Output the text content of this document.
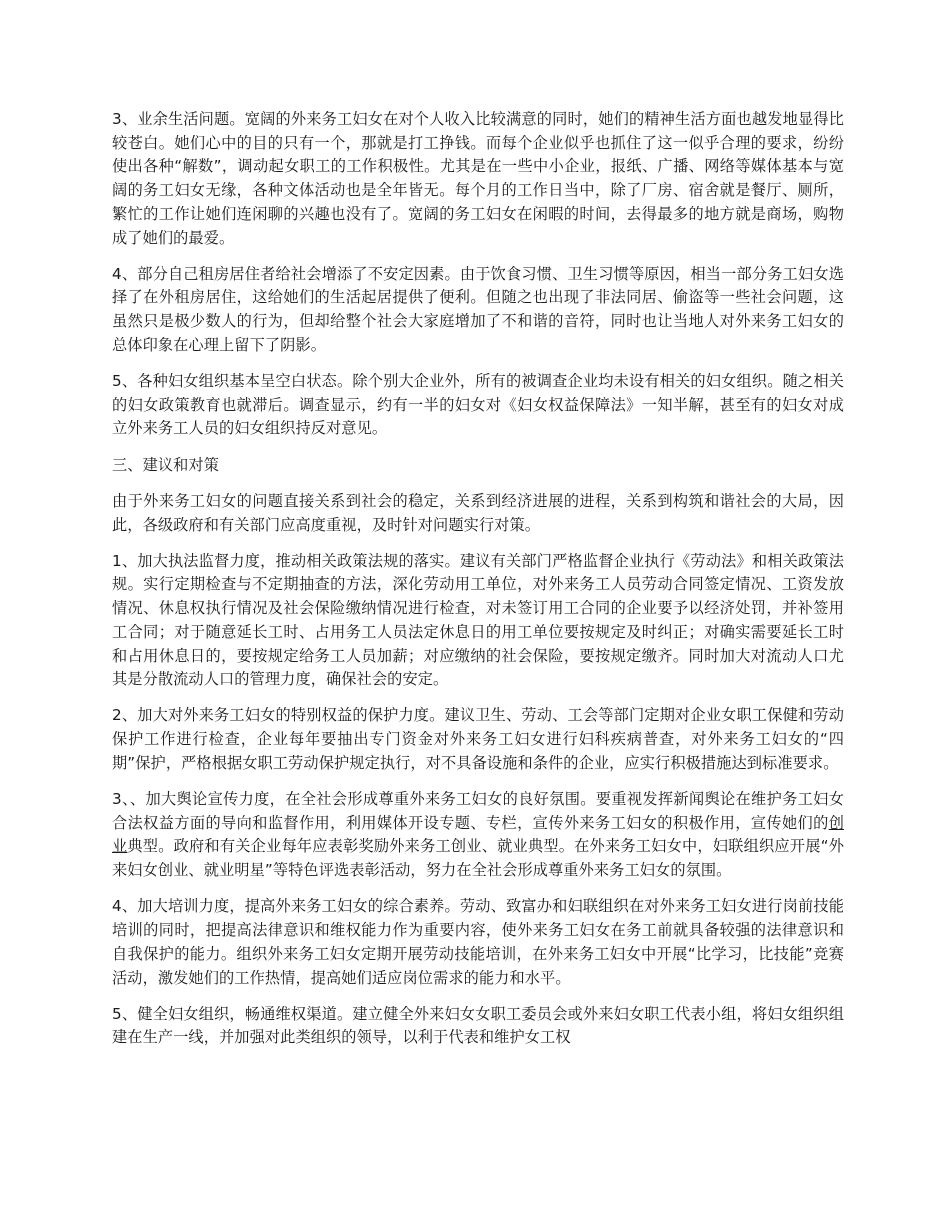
3、业余生活问题。宽阔的外来务工妇女在对个人收入比较满意的同时，她们的精神生活方面也越发地显得比较苍白。她们心中的目的只有一个，那就是打工挣钱。而每个企业似乎也抓住了这一似乎合理的要求，纷纷使出各种“解数”，调动起女职工的工作积极性。尤其是在一些中小企业，报纸、广播、网络等媒体基本与宽阔的务工妇女无缘，各种文体活动也是全年皆无。每个月的工作日当中，除了厂房、宿舍就是餐厅、厕所，繁忙的工作让她们连闲聊的兴趣也没有了。宽阔的务工妇女在闲暇的时间，去得最多的地方就是商场，购物成了她们的最爱。

4、部分自己租房居住者给社会增添了不安定因素。由于饮食习惯、卫生习惯等原因，相当一部分务工妇女选择了在外租房居住，这给她们的生活起居提供了便利。但随之也出现了非法同居、偷盗等一些社会问题，这虽然只是极少数人的行为，但却给整个社会大家庭增加了不和谐的音符，同时也让当地人对外来务工妇女的总体印象在心理上留下了阴影。

5、各种妇女组织基本呈空白状态。除个别大企业外，所有的被调查企业均未设有相关的妇女组织。随之相关的妇女政策教育也就滞后。调查显示，约有一半的妇女对《妇女权益保障法》一知半解，甚至有的妇女对成立外来务工人员的妇女组织持反对意见。

三、建议和对策

由于外来务工妇女的问题直接关系到社会的稳定，关系到经济进展的进程，关系到构筑和谐社会的大局，因此，各级政府和有关部门应高度重视，及时针对问题实行对策。

1、加大执法监督力度，推动相关政策法规的落实。建议有关部门严格监督企业执行《劳动法》和相关政策法规。实行定期检查与不定期抽查的方法，深化劳动用工单位，对外来务工人员劳动合同签定情况、工资发放情况、休息权执行情况及社会保险缴纳情况进行检查，对未签订用工合同的企业要予以经济处罚，并补签用工合同；对于随意延长工时、占用务工人员法定休息日的用工单位要按规定及时纠正；对确实需要延长工时和占用休息日的，要按规定给务工人员加薪；对应缴纳的社会保险，要按规定缴齐。同时加大对流动人口尤其是分散流动人口的管理力度，确保社会的安定。

2、加大对外来务工妇女的特别权益的保护力度。建议卫生、劳动、工会等部门定期对企业女职工保健和劳动保护工作进行检查，企业每年要抽出专门资金对外来务工妇女进行妇科疾病普查，对外来务工妇女的“四期”保护，严格根据女职工劳动保护规定执行，对不具备设施和条件的企业，应实行积极措施达到标准要求。

3、、加大舆论宣传力度，在全社会形成尊重外来务工妇女的良好氛围。要重视发挥新闻舆论在维护务工妇女合法权益方面的导向和监督作用，利用媒体开设专题、专栏，宣传外来务工妇女的积极作用，宣传她们的创业典型。政府和有关企业每年应表彰奖励外来务工创业、就业典型。在外来务工妇女中，妇联组织应开展“外来妇女创业、就业明星”等特色评选表彰活动，努力在全社会形成尊重外来务工妇女的氛围。

4、加大培训力度，提高外来务工妇女的综合素养。劳动、致富办和妇联组织在对外来务工妇女进行岗前技能培训的同时，把提高法律意识和维权能力作为重要内容，使外来务工妇女在务工前就具备较强的法律意识和自我保护的能力。组织外来务工妇女定期开展劳动技能培训，在外来务工妇女中开展“比学习，比技能”竞赛活动，激发她们的工作热情，提高她们适应岗位需求的能力和水平。

5、健全妇女组织，畅通维权渠道。建立健全外来妇女女职工委员会或外来妇女职工代表小组，将妇女组织组建在生产一线，并加强对此类组织的领导，以利于代表和维护女工权
